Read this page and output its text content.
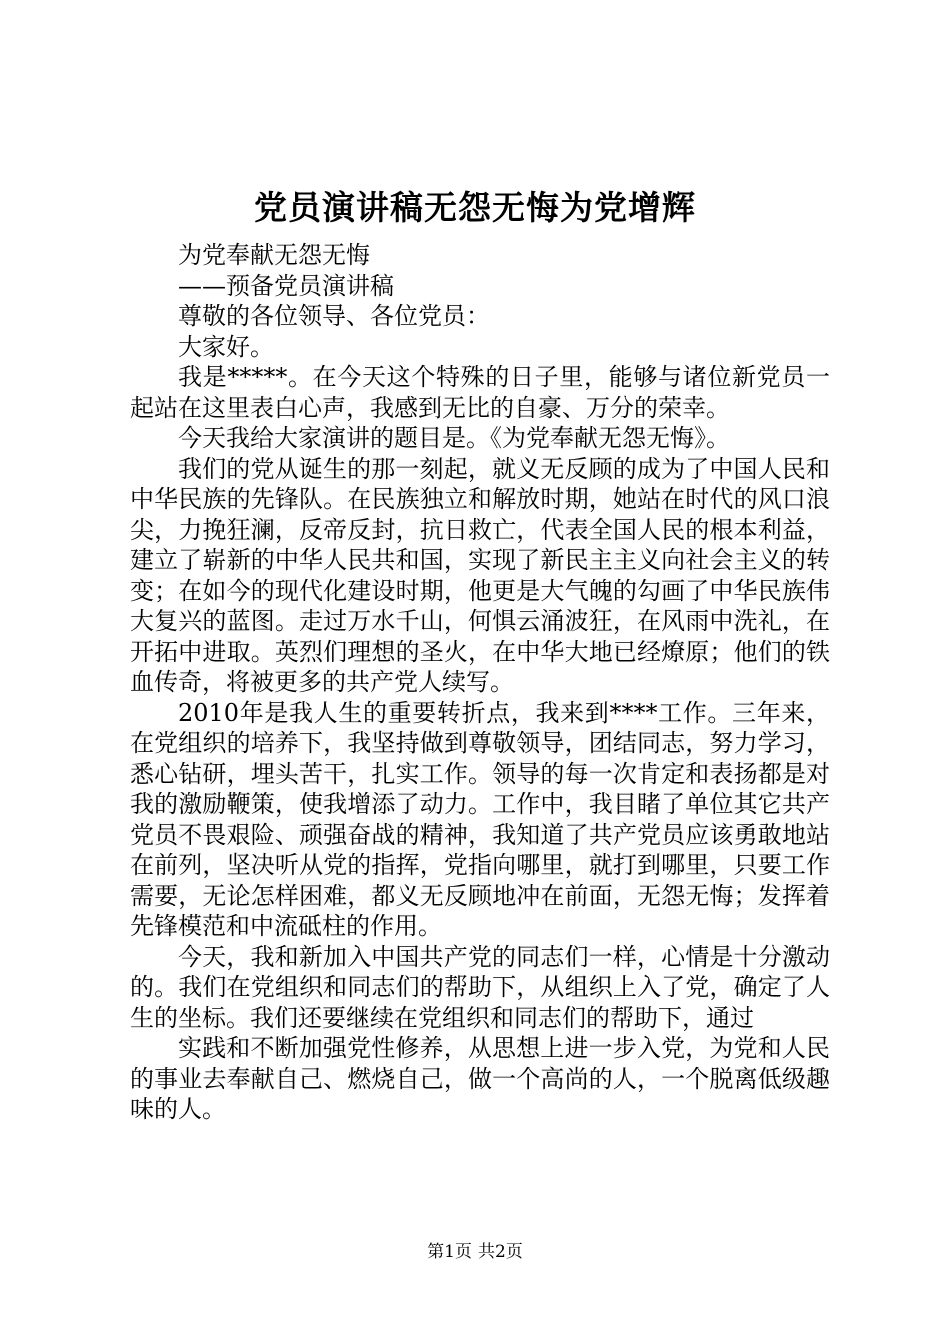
党员演讲稿无怨无悔为党增辉

为党奉献无怨无悔

——预备党员演讲稿

尊敬的各位领导、各位党员：

大家好。

我是*****。在今天这个特殊的日子里，能够与诸位新党员一起站在这里表白心声，我感到无比的自豪、万分的荣幸。

今天我给大家演讲的题目是。《为党奉献无怨无悔》。

我们的党从诞生的那一刻起，就义无反顾的成为了中国人民和中华民族的先锋队。在民族独立和解放时期，她站在时代的风口浪尖，力挽狂澜，反帝反封，抗日救亡，代表全国人民的根本利益，建立了崭新的中华人民共和国，实现了新民主主义向社会主义的转变；在如今的现代化建设时期，他更是大气魄的勾画了中华民族伟大复兴的蓝图。走过万水千山，何惧云涌波狂，在风雨中洗礼，在开拓中进取。英烈们理想的圣火，在中华大地已经燎原；他们的铁血传奇，将被更多的共产党人续写。

2010年是我人生的重要转折点，我来到****工作。三年来，在党组织的培养下，我坚持做到尊敬领导，团结同志，努力学习，悉心钻研，埋头苦干，扎实工作。领导的每一次肯定和表扬都是对我的激励鞭策，使我增添了动力。工作中，我目睹了单位其它共产党员不畏艰险、顽强奋战的精神，我知道了共产党员应该勇敢地站在前列，坚决听从党的指挥，党指向哪里，就打到哪里，只要工作需要，无论怎样困难，都义无反顾地冲在前面，无怨无悔；发挥着先锋模范和中流砥柱的作用。

今天，我和新加入中国共产党的同志们一样，心情是十分激动的。我们在党组织和同志们的帮助下，从组织上入了党，确定了人生的坐标。我们还要继续在党组织和同志们的帮助下，通过

实践和不断加强党性修养，从思想上进一步入党，为党和人民的事业去奉献自己、燃烧自己，做一个高尚的人，一个脱离低级趣味的人。

第1页 共2页
